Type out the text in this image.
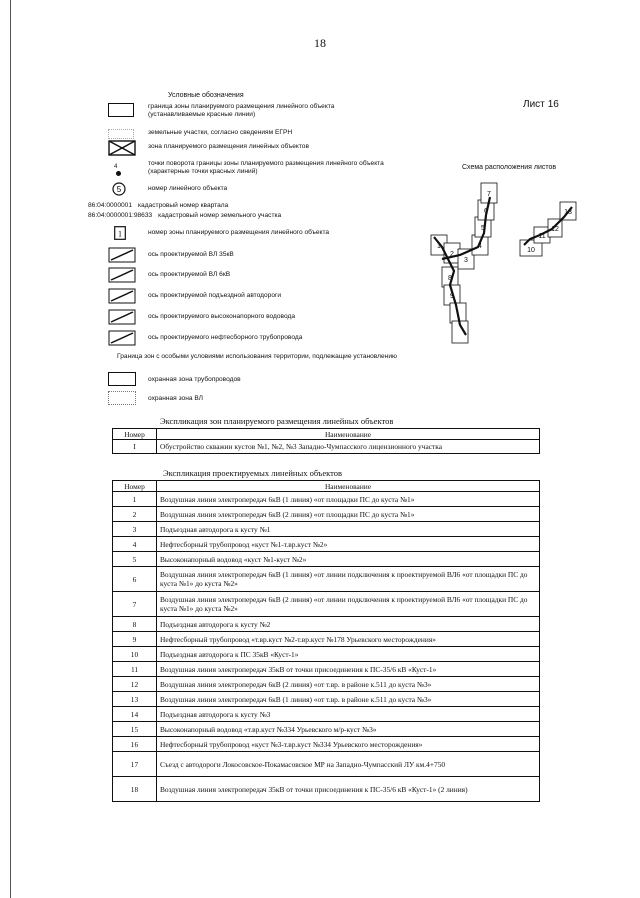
18
Лист 16
Условные обозначения
граница зоны планируемого размещения линейного объекта (устанавливаемые красные линии)
земельные участки, согласно сведениям ЕГРН
зона планируемого размещения линейных объектов
4	точки поворота границы зоны планируемого размещения линейного объекта (характерные точки красных линий)
5	номер линейного объекта
86:04:0000001 кадастровый номер квартала
86:04:0000001:98633 кадастровый номер земельного участка
1	номер зоны планируемого размещения линейного объекта
ось проектируемой ВЛ 35кВ
ось проектируемой ВЛ 6кВ
ось проектируемой подъездной автодороги
ось проектируемого высоконапорного водовода
ось проектируемого нефтесборного трубопровода
Граница зон с особыми условиями использования территории, подлежащие установлению
охранная зона трубопроводов
охранная зона ВЛ
Схема расположения листов
1
2
3
4
5
6
7
8
9
10
11
12
13
Экспликация зон планируемого размещения линейных объектов
Номер	Наименование
I	Обустройство скважин кустов №1, №2, №3 Западно-Чумпасского лицензионного участка
Экспликация проектируемых линейных объектов
Номер	Наименование
1	Воздушная линия электропередач 6кВ (1 линия) «от площадки ПС до куста №1»
2	Воздушная линия электропередач 6кВ (2 линия) «от площадки ПС до куста №1»
3	Подъездная автодорога к кусту №1
4	Нефтесборный трубопровод «куст №1-т.вр.куст №2»
5	Высоконапорный водовод «куст №1-куст №2»
6	Воздушная линия электропередач 6кВ (1 линия) «от линии подключения к проектируемой ВЛ6 «от площадки ПС до куста №1» до куста №2»
7	Воздушная линия электропередач 6кВ (2 линия) «от линии подключения к проектируемой ВЛ6 «от площадки ПС до куста №1» до куста №2»
8	Подъездная автодорога к кусту №2
9	Нефтесборный трубопровод «т.вр.куст №2-т.вр.куст №178 Урьевского месторождения»
10	Подъездная автодорога к ПС 35кВ «Куст-1»
11	Воздушная линия электропередач 35кВ от точки присоединения к ПС-35/6 кВ «Куст-1»
12	Воздушная линия электропередач 6кВ (2 линия) «от т.вр. в районе к.511 до куста №3»
13	Воздушная линия электропередач 6кВ (1 линия) «от т.вр. в районе к.511 до куста №3»
14	Подъездная автодорога к кусту №3
15	Высоконапорный водовод «т.вр.куст №334 Урьевского м/р-куст №3»
16	Нефтесборный трубопровод «куст №3-т.вр.куст №334 Урьевского месторождения»
17	Съезд с автодороги Локосовское-Покамасовское МР на Западно-Чумпасский ЛУ км.4+750
18	Воздушная линия электропередач 35кВ от точки присоединения к ПС-35/6 кВ «Куст-1» (2 линия)
